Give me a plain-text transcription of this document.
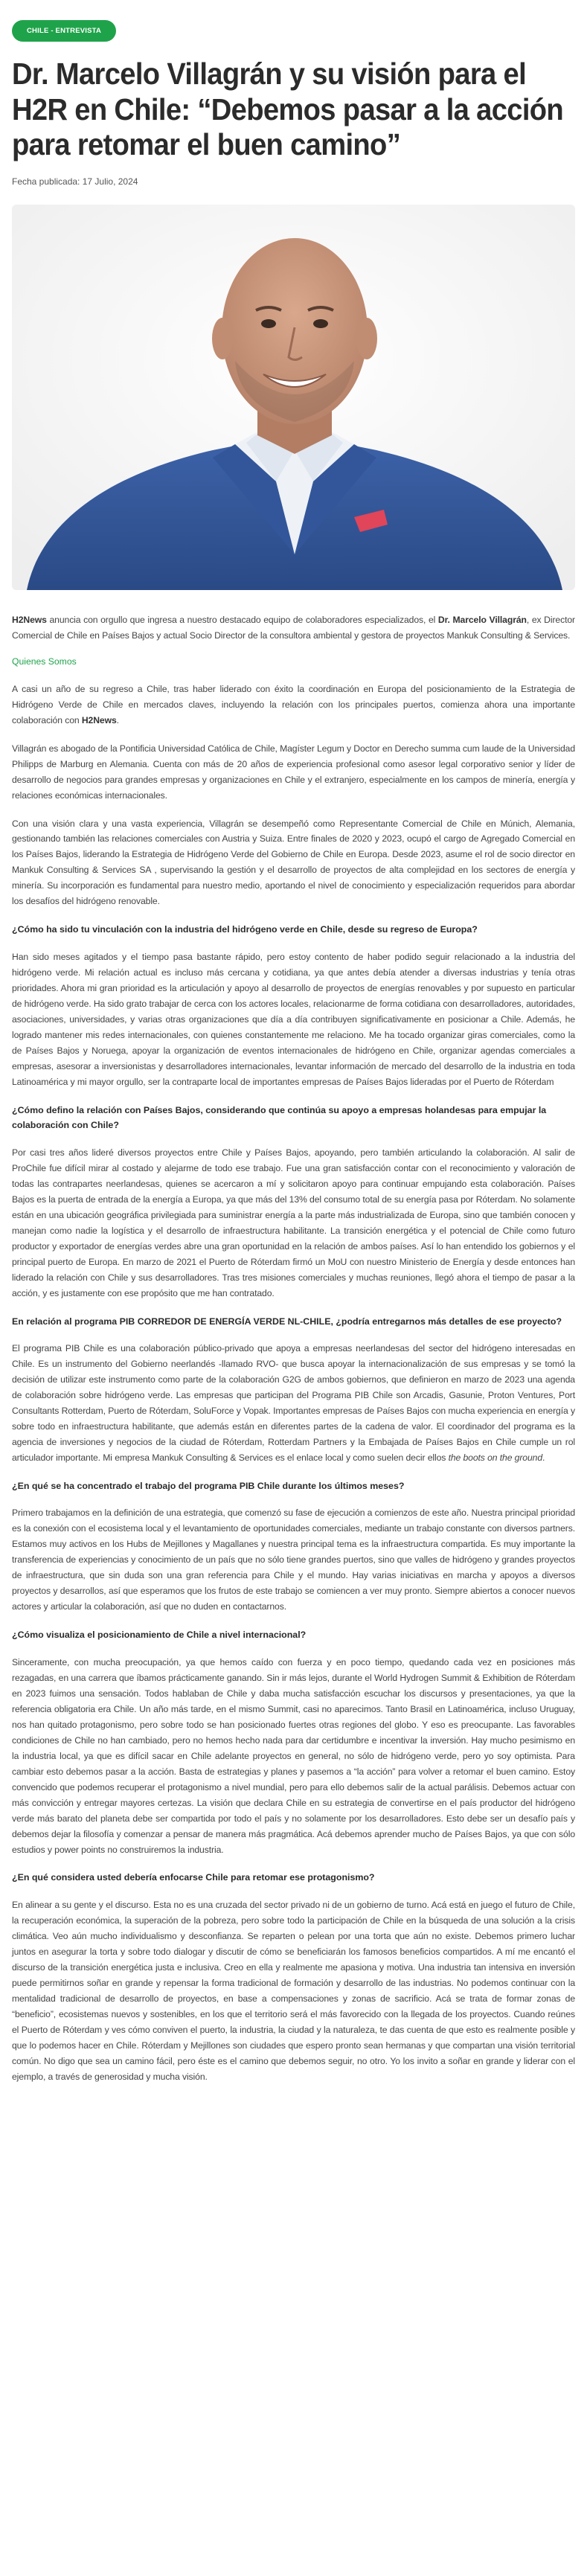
CHILE - ENTREVISTA
Dr. Marcelo Villagrán y su visión para el H2R en Chile: “Debemos pasar a la acción para retomar el buen camino”
Fecha publicada: 17 Julio, 2024

H2News anuncia con orgullo que ingresa a nuestro destacado equipo de colaboradores especializados, el Dr. Marcelo Villagrán, ex Director Comercial de Chile en Países Bajos y actual Socio Director de la consultora ambiental y gestora de proyectos Mankuk Consulting & Services.

Quienes Somos

A casi un año de su regreso a Chile, tras haber liderado con éxito la coordinación en Europa del posicionamiento de la Estrategia de Hidrógeno Verde de Chile en mercados claves, incluyendo la relación con los principales puertos, comienza ahora una importante colaboración con H2News.

Villagrán es abogado de la Pontificia Universidad Católica de Chile, Magíster Legum y Doctor en Derecho summa cum laude de la Universidad Philipps de Marburg en Alemania. Cuenta con más de 20 años de experiencia profesional como asesor legal corporativo senior y líder de desarrollo de negocios para grandes empresas y organizaciones en Chile y el extranjero, especialmente en los campos de minería, energía y relaciones económicas internacionales.

Con una visión clara y una vasta experiencia, Villagrán se desempeñó como Representante Comercial de Chile en Múnich, Alemania, gestionando también las relaciones comerciales con Austria y Suiza. Entre finales de 2020 y 2023, ocupó el cargo de Agregado Comercial en los Países Bajos, liderando la Estrategia de Hidrógeno Verde del Gobierno de Chile en Europa. Desde 2023, asume el rol de socio director en Mankuk Consulting & Services SA , supervisando la gestión y el desarrollo de proyectos de alta complejidad en los sectores de energía y minería. Su incorporación es fundamental para nuestro medio, aportando el nivel de conocimiento y especialización requeridos para abordar los desafíos del hidrógeno renovable.

¿Cómo ha sido tu vinculación con la industria del hidrógeno verde en Chile, desde su regreso de Europa?

Han sido meses agitados y el tiempo pasa bastante rápido, pero estoy contento de haber podido seguir relacionado a la industria del hidrógeno verde. Mi relación actual es incluso más cercana y cotidiana, ya que antes debía atender a diversas industrias y tenía otras prioridades. Ahora mi gran prioridad es la articulación y apoyo al desarrollo de proyectos de energías renovables y por supuesto en particular de hidrógeno verde. Ha sido grato trabajar de cerca con los actores locales, relacionarme de forma cotidiana con desarrolladores, autoridades, asociaciones, universidades, y varias otras organizaciones que día a día contribuyen significativamente en posicionar a Chile. Además, he logrado mantener mis redes internacionales, con quienes constantemente me relaciono. Me ha tocado organizar giras comerciales, como la de Países Bajos y Noruega, apoyar la organización de eventos internacionales de hidrógeno en Chile, organizar agendas comerciales a empresas, asesorar a inversionistas y desarrolladores internacionales, levantar información de mercado del desarrollo de la industria en toda Latinoamérica y mi mayor orgullo, ser la contraparte local de importantes empresas de Países Bajos lideradas por el Puerto de Róterdam

¿Cómo defino la relación con Países Bajos, considerando que continúa su apoyo a empresas holandesas para empujar la colaboración con Chile?

Por casi tres años lideré diversos proyectos entre Chile y Países Bajos, apoyando, pero también articulando la colaboración. Al salir de ProChile fue difícil mirar al costado y alejarme de todo ese trabajo. Fue una gran satisfacción contar con el reconocimiento y valoración de todas las contrapartes neerlandesas, quienes se acercaron a mí y solicitaron apoyo para continuar empujando esta colaboración. Países Bajos es la puerta de entrada de la energía a Europa, ya que más del 13% del consumo total de su energía pasa por Róterdam. No solamente están en una ubicación geográfica privilegiada para suministrar energía a la parte más industrializada de Europa, sino que también conocen y manejan como nadie la logística y el desarrollo de infraestructura habilitante. La transición energética y el potencial de Chile como futuro productor y exportador de energías verdes abre una gran oportunidad en la relación de ambos países. Así lo han entendido los gobiernos y el principal puerto de Europa. En marzo de 2021 el Puerto de Róterdam firmó un MoU con nuestro Ministerio de Energía y desde entonces han liderado la relación con Chile y sus desarrolladores. Tras tres misiones comerciales y muchas reuniones, llegó ahora el tiempo de pasar a la acción, y es justamente con ese propósito que me han contratado.

En relación al programa PIB CORREDOR DE ENERGÍA VERDE NL-CHILE, ¿podría entregarnos más detalles de ese proyecto?

El programa PIB Chile es una colaboración público-privado que apoya a empresas neerlandesas del sector del hidrógeno interesadas en Chile. Es un instrumento del Gobierno neerlandés -llamado RVO- que busca apoyar la internacionalización de sus empresas y se tomó la decisión de utilizar este instrumento como parte de la colaboración G2G de ambos gobiernos, que definieron en marzo de 2023 una agenda de colaboración sobre hidrógeno verde. Las empresas que participan del Programa PIB Chile son Arcadis, Gasunie, Proton Ventures, Port Consultants Rotterdam, Puerto de Róterdam, SoluForce y Vopak. Importantes empresas de Países Bajos con mucha experiencia en energía y sobre todo en infraestructura habilitante, que además están en diferentes partes de la cadena de valor. El coordinador del programa es la agencia de inversiones y negocios de la ciudad de Róterdam, Rotterdam Partners y la Embajada de Países Bajos en Chile cumple un rol articulador importante. Mi empresa Mankuk Consulting & Services es el enlace local y como suelen decir ellos the boots on the ground.

¿En qué se ha concentrado el trabajo del programa PIB Chile durante los últimos meses?

Primero trabajamos en la definición de una estrategia, que comenzó su fase de ejecución a comienzos de este año. Nuestra principal prioridad es la conexión con el ecosistema local y el levantamiento de oportunidades comerciales, mediante un trabajo constante con diversos partners. Estamos muy activos en los Hubs de Mejillones y Magallanes y nuestra principal tema es la infraestructura compartida. Es muy importante la transferencia de experiencias y conocimiento de un país que no sólo tiene grandes puertos, sino que valles de hidrógeno y grandes proyectos de infraestructura, que sin duda son una gran referencia para Chile y el mundo. Hay varias iniciativas en marcha y apoyos a diversos proyectos y desarrollos, así que esperamos que los frutos de este trabajo se comiencen a ver muy pronto. Siempre abiertos a conocer nuevos actores y articular la colaboración, así que no duden en contactarnos.

¿Cómo visualiza el posicionamiento de Chile a nivel internacional?

Sinceramente, con mucha preocupación, ya que hemos caído con fuerza y en poco tiempo, quedando cada vez en posiciones más rezagadas, en una carrera que íbamos prácticamente ganando. Sin ir más lejos, durante el World Hydrogen Summit & Exhibition de Róterdam en 2023 fuimos una sensación. Todos hablaban de Chile y daba mucha satisfacción escuchar los discursos y presentaciones, ya que la referencia obligatoria era Chile. Un año más tarde, en el mismo Summit, casi no aparecimos. Tanto Brasil en Latinoamérica, incluso Uruguay, nos han quitado protagonismo, pero sobre todo se han posicionado fuertes otras regiones del globo. Y eso es preocupante. Las favorables condiciones de Chile no han cambiado, pero no hemos hecho nada para dar certidumbre e incentivar la inversión. Hay mucho pesimismo en la industria local, ya que es difícil sacar en Chile adelante proyectos en general, no sólo de hidrógeno verde, pero yo soy optimista. Para cambiar esto debemos pasar a la acción. Basta de estrategias y planes y pasemos a “la acción” para volver a retomar el buen camino. Estoy convencido que podemos recuperar el protagonismo a nivel mundial, pero para ello debemos salir de la actual parálisis. Debemos actuar con más convicción y entregar mayores certezas. La visión que declara Chile en su estrategia de convertirse en el país productor del hidrógeno verde más barato del planeta debe ser compartida por todo el país y no solamente por los desarrolladores. Esto debe ser un desafío país y debemos dejar la filosofía y comenzar a pensar de manera más pragmática. Acá debemos aprender mucho de Países Bajos, ya que con sólo estudios y power points no construiremos la industria.

¿En qué considera usted debería enfocarse Chile para retomar ese protagonismo?

En alinear a su gente y el discurso. Esta no es una cruzada del sector privado ni de un gobierno de turno. Acá está en juego el futuro de Chile, la recuperación económica, la superación de la pobreza, pero sobre todo la participación de Chile en la búsqueda de una solución a la crisis climática. Veo aún mucho individualismo y desconfianza. Se reparten o pelean por una torta que aún no existe. Debemos primero luchar juntos en asegurar la torta y sobre todo dialogar y discutir de cómo se beneficiarán los famosos beneficios compartidos. A mí me encantó el discurso de la transición energética justa e inclusiva. Creo en ella y realmente me apasiona y motiva. Una industria tan intensiva en inversión puede permitirnos soñar en grande y repensar la forma tradicional de formación y desarrollo de las industrias. No podemos continuar con la mentalidad tradicional de desarrollo de proyectos, en base a compensaciones y zonas de sacrificio. Acá se trata de formar zonas de “beneficio”, ecosistemas nuevos y sostenibles, en los que el territorio será el más favorecido con la llegada de los proyectos. Cuando reúnes el Puerto de Róterdam y ves cómo conviven el puerto, la industria, la ciudad y la naturaleza, te das cuenta de que esto es realmente posible y que lo podemos hacer en Chile. Róterdam y Mejillones son ciudades que espero pronto sean hermanas y que compartan una visión territorial común. No digo que sea un camino fácil, pero éste es el camino que debemos seguir, no otro. Yo los invito a soñar en grande y liderar con el ejemplo, a través de generosidad y mucha visión.
